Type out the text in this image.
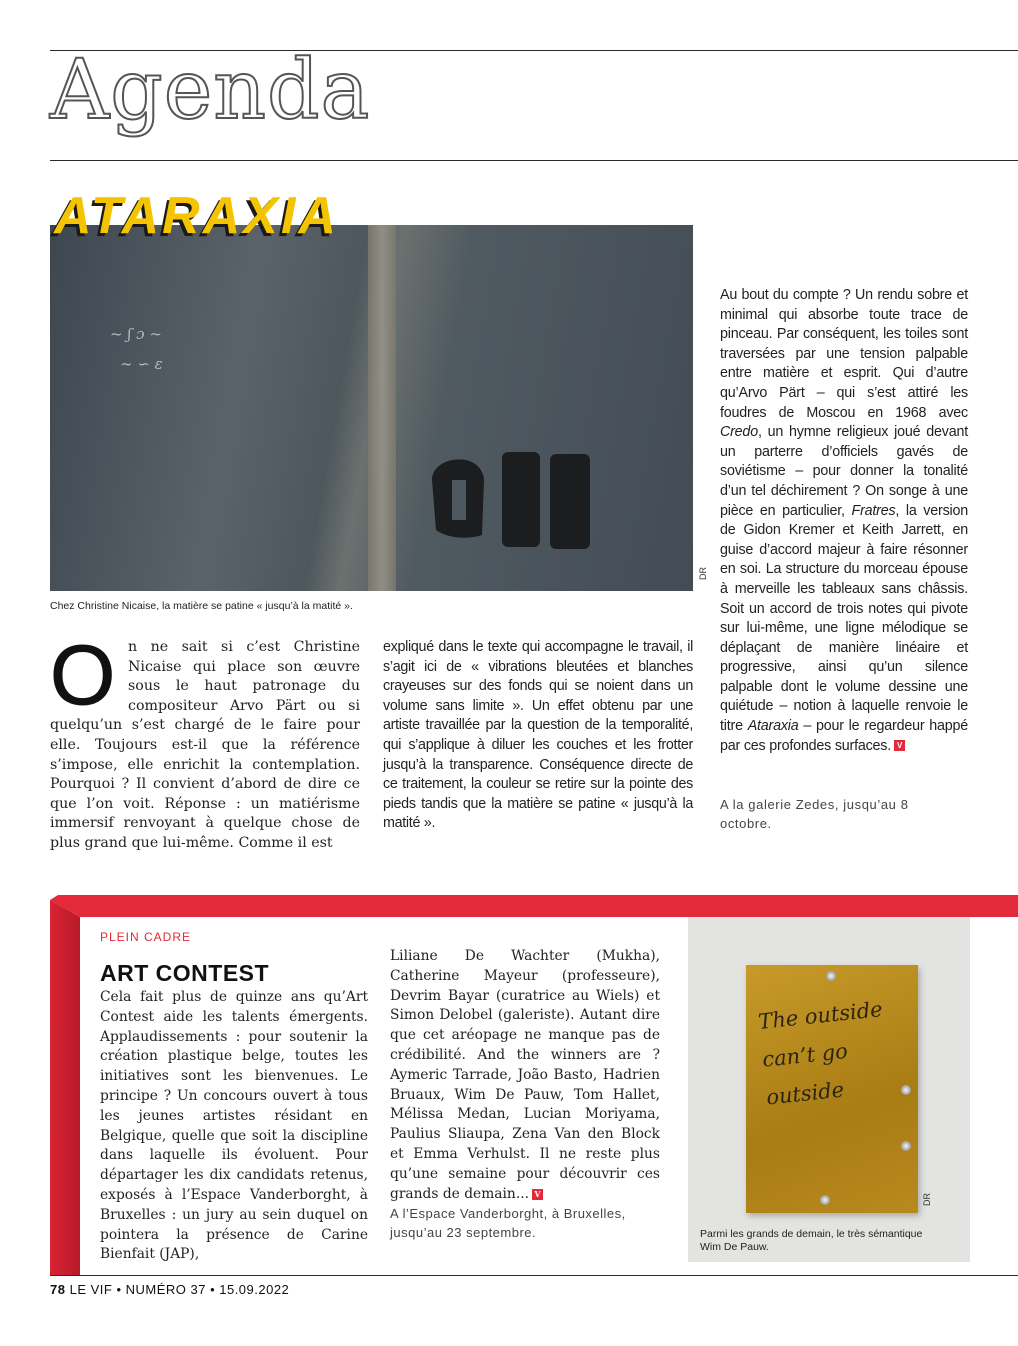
Agenda
~ ʃ ɔ ∼
∼ ∽ ɛ
ATARAXIA
DR
Chez Christine Nicaise, la matière se patine « jusqu’à la matité ».
O n ne sait si c’est Christine Nicaise qui place son œuvre sous le haut patronage du compositeur Arvo Pärt ou si quelqu’un s’est chargé de le faire pour elle. Toujours est-il que la référence s’impose, elle enrichit la contemplation. Pourquoi ? Il convient d’abord de dire ce que l’on voit. Réponse : un matiérisme immersif renvoyant à quelque chose de plus grand que lui-même. Comme il est
expliqué dans le texte qui accompagne le travail, il s’agit ici de « vibrations bleutées et blanches crayeuses sur des fonds qui se noient dans un volume sans limite ». Un effet obtenu par une artiste travaillée par la question de la temporalité, qui s’applique à diluer les couches et les frotter jusqu’à la transparence. Conséquence directe de ce traitement, la couleur se retire sur la pointe des pieds tandis que la matière se patine « jusqu’à la matité ».
Au bout du compte ? Un rendu sobre et minimal qui absorbe toute trace de pinceau. Par conséquent, les toiles sont traversées par une tension palpable entre matière et esprit. Qui d’autre qu’Arvo Pärt – qui s’est attiré les foudres de Moscou en 1968 avec Credo, un hymne religieux joué devant un parterre d’officiels gavés de soviétisme – pour donner la tonalité d’un tel déchirement ? On songe à une pièce en particulier, Fratres, la version de Gidon Kremer et Keith Jarrett, en guise d’accord majeur à faire résonner en soi. La structure du morceau épouse à merveille les tableaux sans châssis. Soit un accord de trois notes qui pivote sur lui-même, une ligne mélodique se déplaçant de manière linéaire et progressive, ainsi qu’un silence palpable dont le volume dessine une quiétude – notion à laquelle renvoie le titre Ataraxia – pour le regardeur happé par ces profondes surfaces. V
A la galerie Zedes, jusqu’au 8 octobre.
PLEIN CADRE
ART CONTEST
Cela fait plus de quinze ans qu’Art Contest aide les talents émergents. Applaudissements : pour soutenir la création plastique belge, toutes les initiatives sont les bienvenues. Le principe ? Un concours ouvert à tous les jeunes artistes résidant en Belgique, quelle que soit la discipline dans laquelle ils évoluent. Pour départager les dix candidats retenus, exposés à l’Espace Vanderborght, à Bruxelles : un jury au sein duquel on pointera la présence de Carine Bienfait (JAP),
Liliane De Wachter (Mukha), Catherine Mayeur (professeure), Devrim Bayar (curatrice au Wiels) et Simon Delobel (galeriste). Autant dire que cet aréopage ne manque pas de crédibilité. And the winners are ? Aymeric Tarrade, João Basto, Hadrien Bruaux, Wim De Pauw, Tom Hallet, Mélissa Medan, Lucian Moriyama, Paulius Sliaupa, Zena Van den Block et Emma Verhulst. Il ne reste plus qu’une semaine pour découvrir ces grands de demain... V
A l’Espace Vanderborght, à Bruxelles, jusqu’au 23 septembre.
The outside can’t go outside
DR
Parmi les grands de demain, le très sémantique Wim De Pauw.
78 LE VIF • NUMÉRO 37 • 15.09.2022
